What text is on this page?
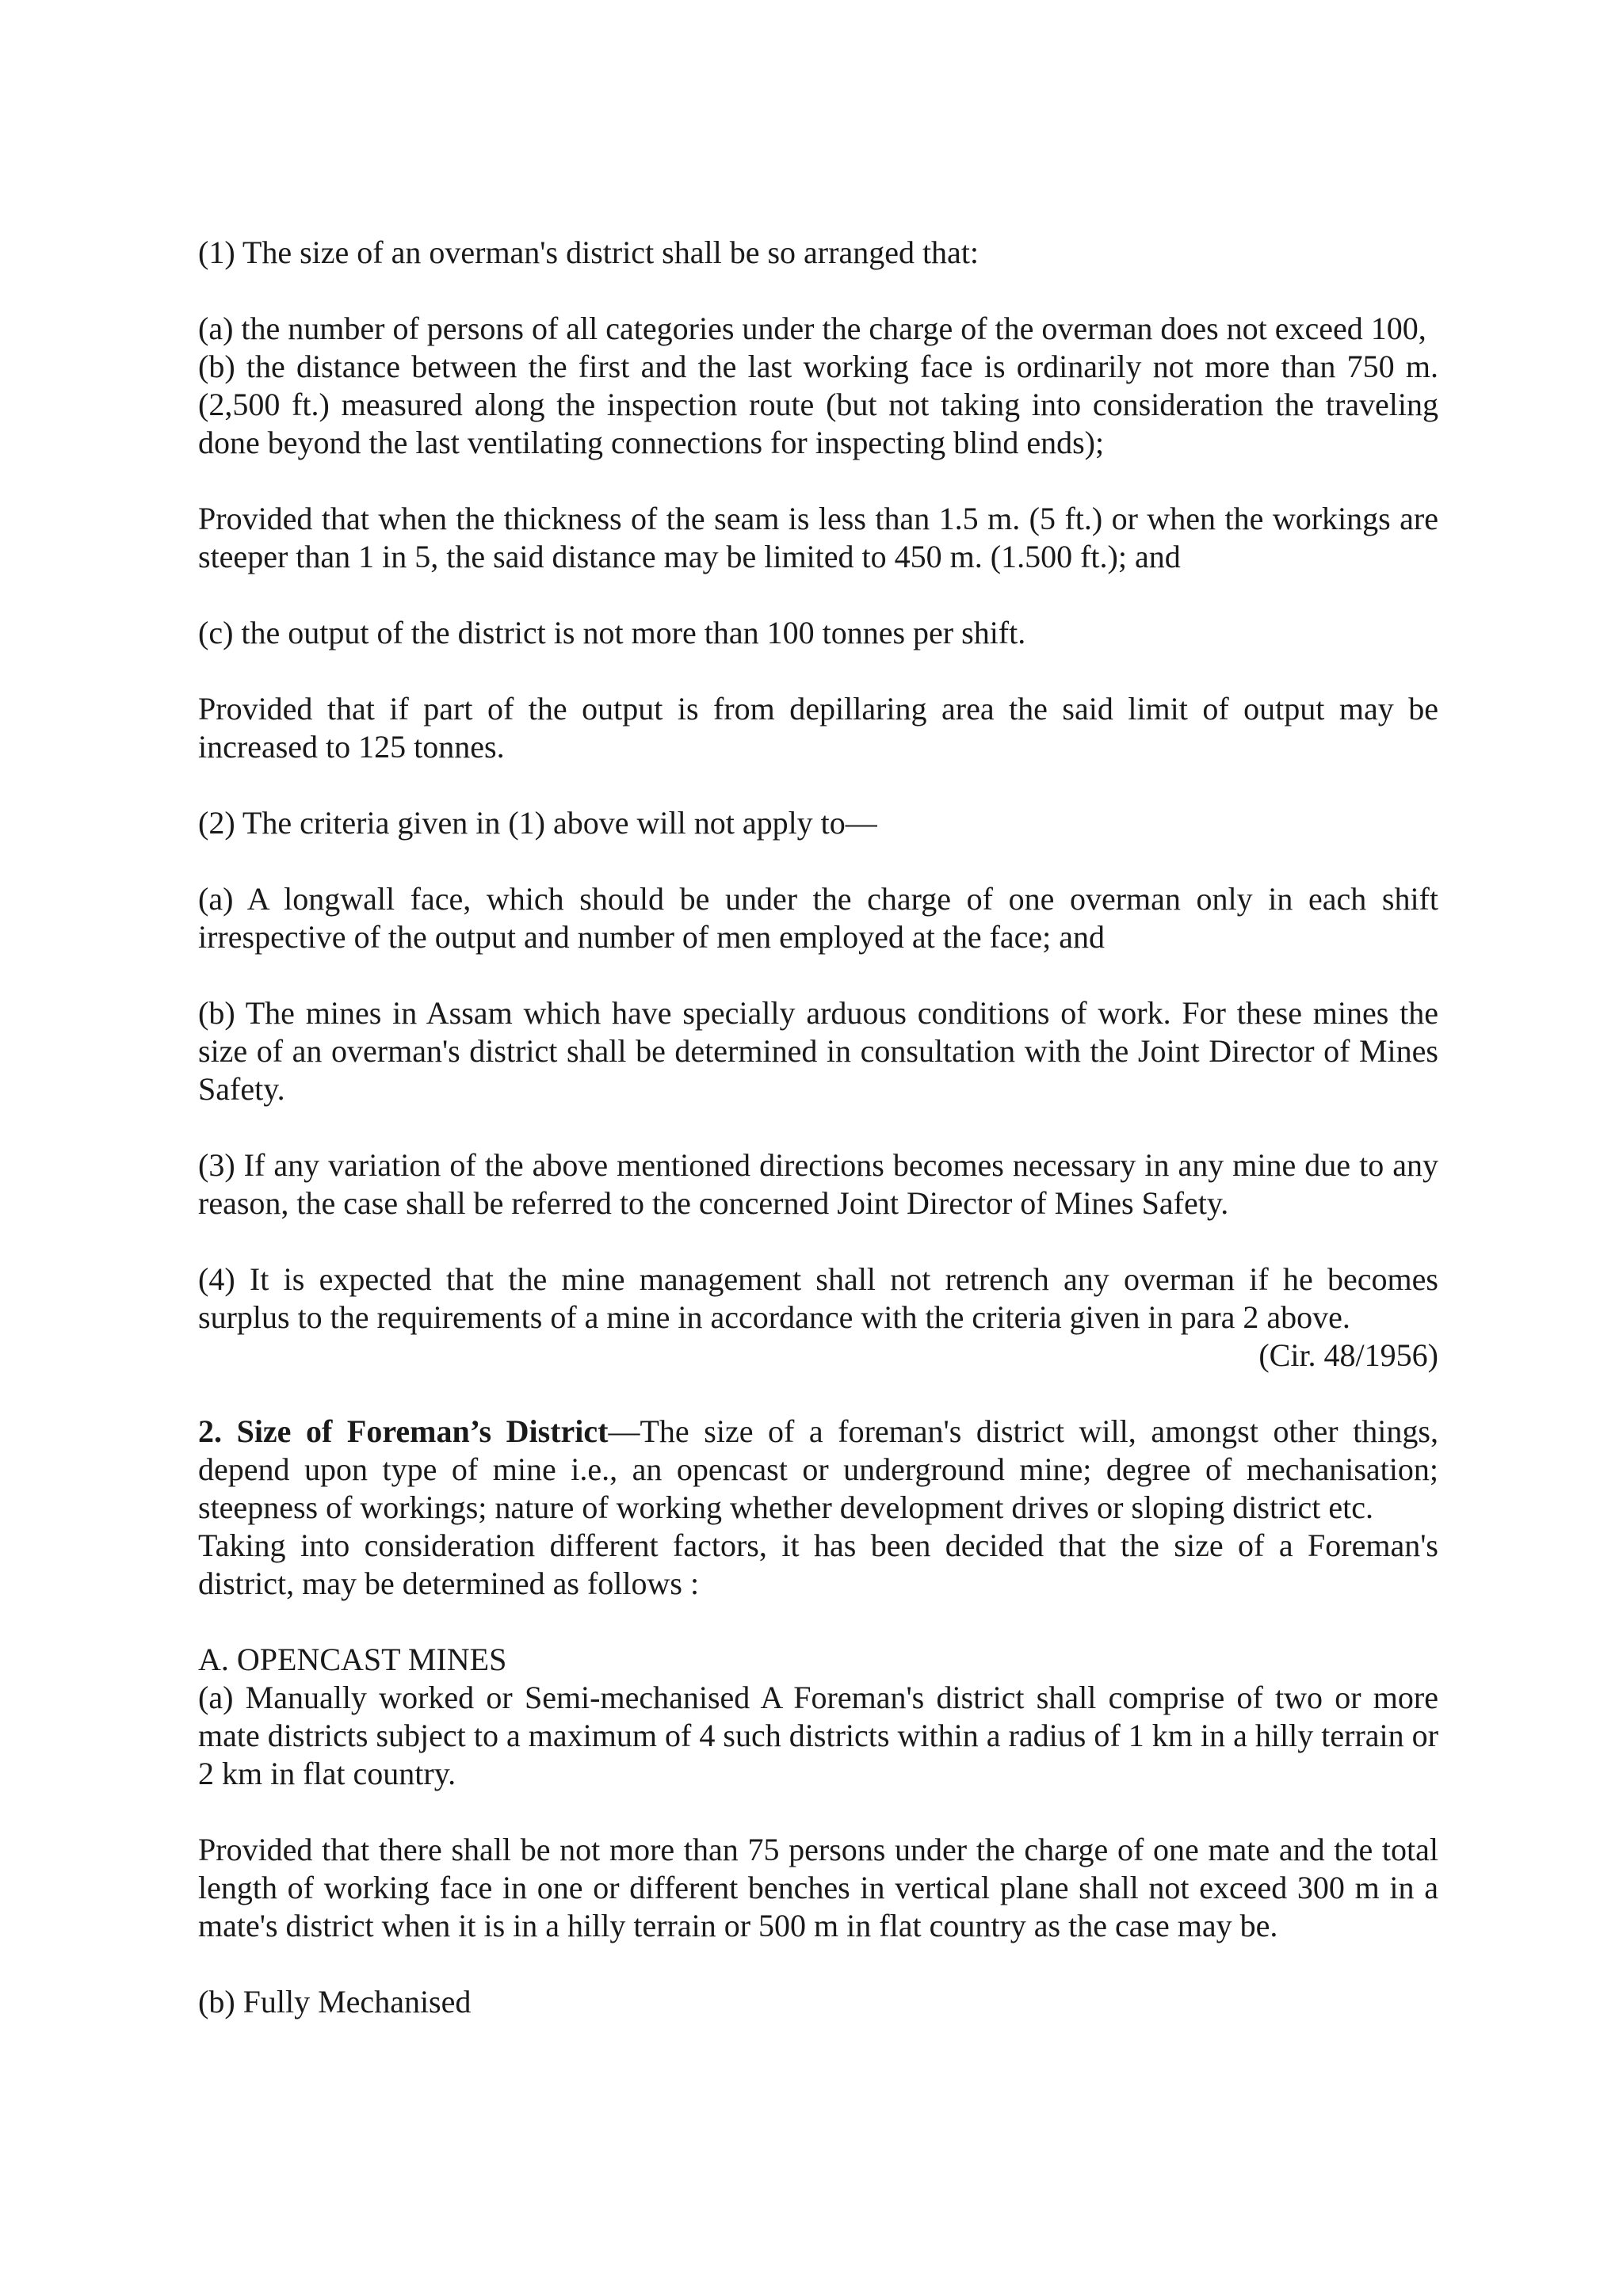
(1) The size of an overman's district shall be so arranged that:

(a) the number of persons of all categories under the charge of the overman does not exceed 100,
(b) the distance between the first and the last working face is ordinarily not more than 750 m. (2,500 ft.) measured along the inspection route (but not taking into consideration the traveling done beyond the last ventilating connections for inspecting blind ends);

Provided that when the thickness of the seam is less than 1.5 m. (5 ft.) or when the workings are steeper than 1 in 5, the said distance may be limited to 450 m. (1.500 ft.); and

(c) the output of the district is not more than 100 tonnes per shift.

Provided that if part of the output is from depillaring area the said limit of output may be increased to 125 tonnes.

(2) The criteria given in (1) above will not apply to—

(a) A longwall face, which should be under the charge of one overman only in each shift irrespective of the output and number of men employed at the face; and

(b) The mines in Assam which have specially arduous conditions of work. For these mines the size of an overman's district shall be determined in consultation with the Joint Director of Mines Safety.

(3) If any variation of the above mentioned directions becomes necessary in any mine due to any reason, the case shall be referred to the concerned Joint Director of Mines Safety.

(4) It is expected that the mine management shall not retrench any overman if he becomes surplus to the requirements of a mine in accordance with the criteria given in para 2 above.
(Cir. 48/1956)

2. Size of Foreman’s District—The size of a foreman's district will, amongst other things, depend upon type of mine i.e., an opencast or underground mine; degree of mechanisation; steepness of workings; nature of working whether development drives or sloping district etc.
Taking into consideration different factors, it has been decided that the size of a Foreman's district, may be determined as follows :

A. OPENCAST MINES
(a) Manually worked or Semi-mechanised A Foreman's district shall comprise of two or more mate districts subject to a maximum of 4 such districts within a radius of 1 km in a hilly terrain or 2 km in flat country.

Provided that there shall be not more than 75 persons under the charge of one mate and the total length of working face in one or different benches in vertical plane shall not exceed 300 m in a mate's district when it is in a hilly terrain or 500 m in flat country as the case may be.

(b) Fully Mechanised
